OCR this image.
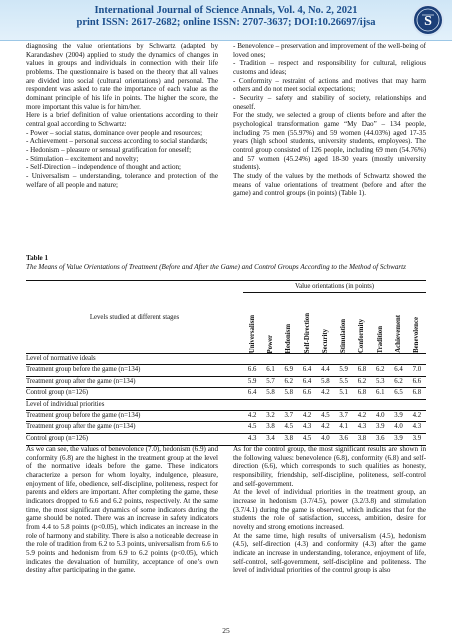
International Journal of Science Annals, Vol. 4, No. 2, 2021
print ISSN: 2617-2682; online ISSN: 2707-3637; DOI:10.26697/ijsa	S

diagnosing the value orientations by Schwartz (adapted by Karandashev (2004) applied to study the dynamics of changes in values in groups and individuals in connection with their life problems. The questionnaire is based on the theory that all values are divided into social (cultural orientations) and personal. The respondent was asked to rate the importance of each value as the dominant principle of his life in points. The higher the score, the more important this value is for him/her.

Here is a brief definition of value orientations according to their central goal according to Schwartz:

- Power – social status, dominance over people and resources;

- Achievement – personal success according to social standards;

- Hedonism – pleasure or sensual gratification for oneself;

- Stimulation – excitement and novelty;

- Self-Direction – independence of thought and action;

- Universalism – understanding, tolerance and protection of the welfare of all people and nature;

- Benevolence – preservation and improvement of the well-being of loved ones;

- Tradition – respect and responsibility for cultural, religious customs and ideas;

- Conformity – restraint of actions and motives that may harm others and do not meet social expectations;

- Security – safety and stability of society, relationships and oneself.

For the study, we selected a group of clients before and after the psychological transformation game “My Dao” – 134 people, including 75 men (55.97%) and 59 women (44.03%) aged 17-35 years (high school students, university students, employees). The control group consisted of 126 people, including 69 men (54.76%) and 57 women (45.24%) aged 18-30 years (mostly university students).

The study of the values by the methods of Schwartz showed the means of value orientations of treatment (before and after the game) and control groups (in points) (Table 1).

Table 1
The Means of Value Orientations of Treatment (Before and After the Game) and Control Groups According to the Method of Schwartz
Levels studied at different stages	Value orientations (in points)									

	Universalism	Power	Hedonism	Self-Direction	Security	Stimulation	Conformity	Tradition	Achievement	Benevolence

Level of normative ideals										
Treatment group before the game (n=134)	6.6	6.1	6.9	6.4	4.4	5.9	6.8	6.2	6.4	7.0
Treatment group after the game (n=134)	5.9	5.7	6.2	6.4	5.8	5.5	6.2	5.3	6.2	6.6
Control group (n=126)	6.4	5.8	5.8	6.6	4.2	5.1	6.8	6.1	6.5	6.8
Level of individual priorities										
Treatment group before the game (n=134)	4.2	3.2	3.7	4.2	4.5	3.7	4.2	4.0	3.9	4.2
Treatment group after the game (n=134)	4.5	3.8	4.5	4.3	4.2	4.1	4.3	3.9	4.0	4.3
Control group (n=126)	4.3	3.4	3.8	4.5	4.0	3.6	3.8	3.6	3.9	3.9

As we can see, the values of benevolence (7.0), hedonism (6.9) and conformity (6.8) are the highest in the treatment group at the level of the normative ideals before the game. These indicators characterize a person for whom loyalty, indulgence, pleasure, enjoyment of life, obedience, self-discipline, politeness, respect for parents and elders are important. After completing the game, these indicators dropped to 6.6 and 6.2 points, respectively. At the same time, the most significant dynamics of some indicators during the game should be noted. There was an increase in safety indicators from 4.4 to 5.8 points (p<0.05), which indicates an increase in the role of harmony and stability. There is also a noticeable decrease in the role of tradition from 6.2 to 5.3 points, universalism from 6.6 to 5.9 points and hedonism from 6.9 to 6.2 points (p<0.05), which indicates the devaluation of humility, acceptance of one’s own destiny after participating in the game.

As for the control group, the most significant results are shown in the following values: benevolence (6.8), conformity (6.8) and self-direction (6.6), which corresponds to such qualities as honesty, responsibility, friendship, self-discipline, politeness, self-control and self-government.

At the level of individual priorities in the treatment group, an increase in hedonism (3.7/4.5), power (3.2/3.8) and stimulation (3.7/4.1) during the game is observed, which indicates that for the students the role of satisfaction, success, ambition, desire for novelty and strong emotions increased.

At the same time, high results of universalism (4.5), hedonism (4.5), self-direction (4.3) and conformity (4.3) after the game indicate an increase in understanding, tolerance, enjoyment of life, self-control, self-government, self-discipline and politeness. The level of individual priorities of the control group is also

25
